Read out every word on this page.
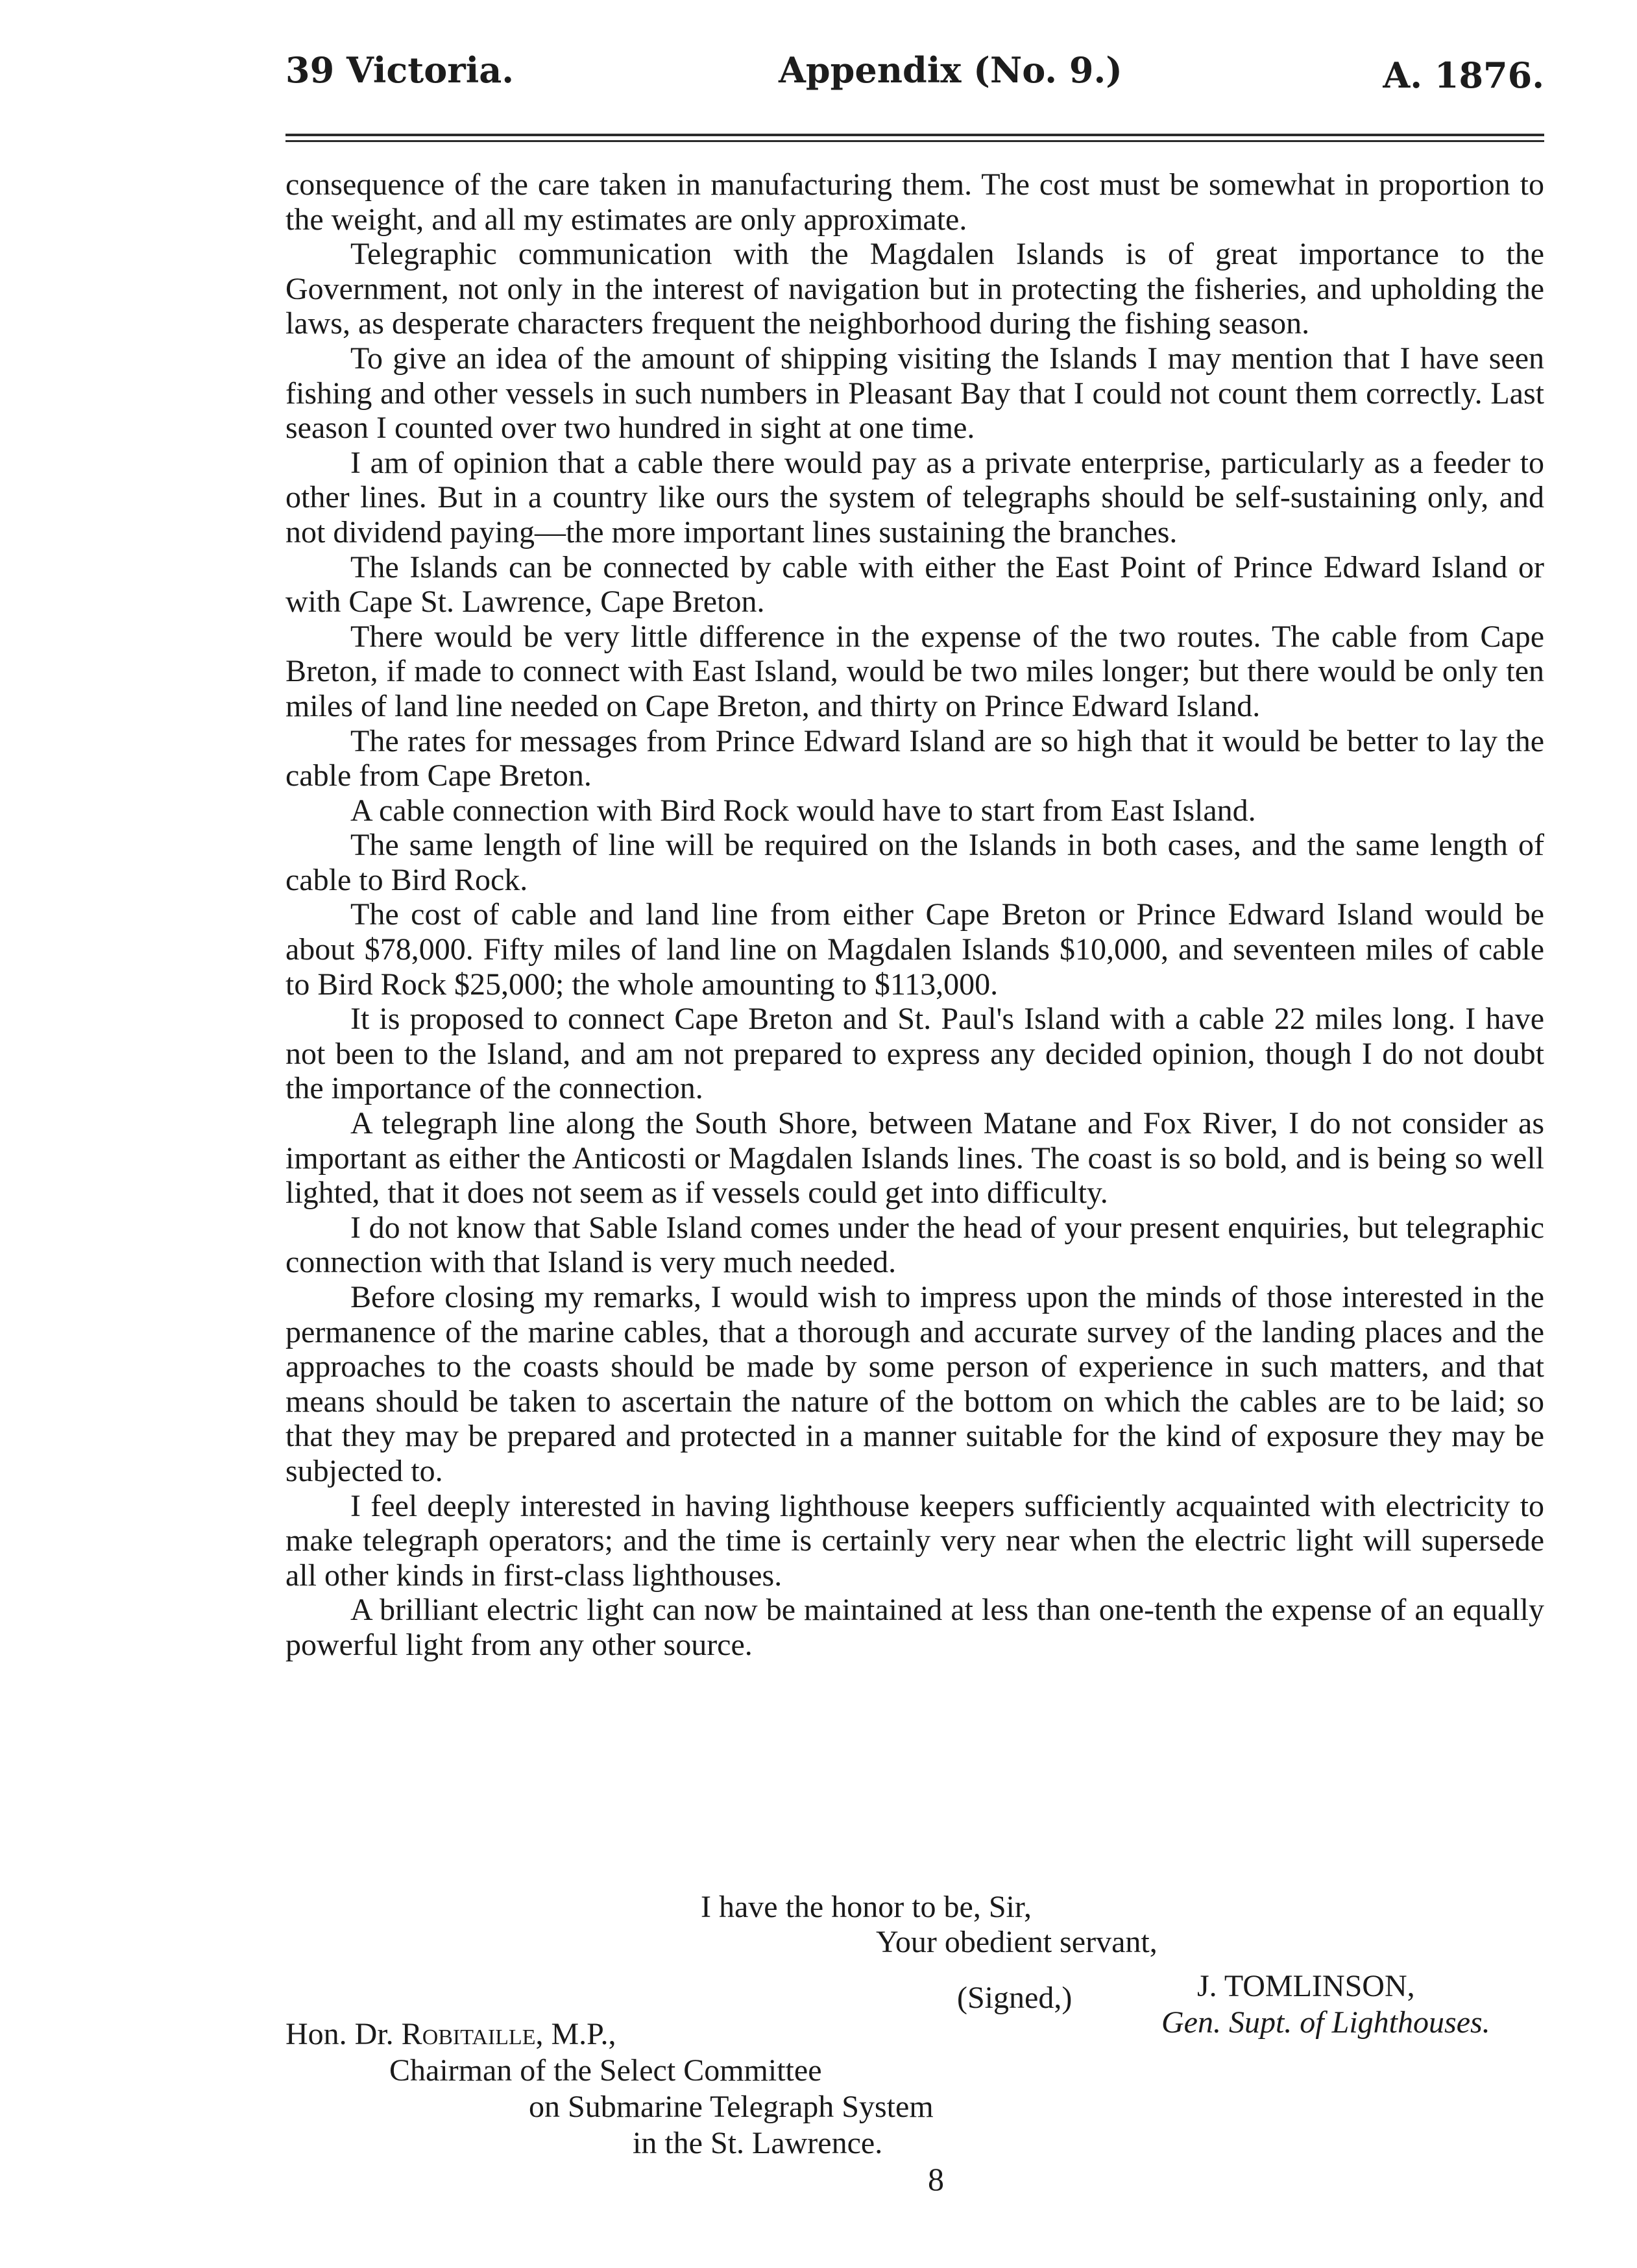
39 Victoria.	Appendix (No. 9.)	A. 1876.

consequence of the care taken in manufacturing them. The cost must be somewhat in proportion to the weight, and all my estimates are only approximate.

Telegraphic communication with the Magdalen Islands is of great importance to the Government, not only in the interest of navigation but in protecting the fisheries, and upholding the laws, as desperate characters frequent the neighborhood during the fishing season.

To give an idea of the amount of shipping visiting the Islands I may mention that I have seen fishing and other vessels in such numbers in Pleasant Bay that I could not count them correctly. Last season I counted over two hundred in sight at one time.

I am of opinion that a cable there would pay as a private enterprise, particularly as a feeder to other lines. But in a country like ours the system of telegraphs should be self-sustaining only, and not dividend paying—the more important lines sustaining the branches.

The Islands can be connected by cable with either the East Point of Prince Edward Island or with Cape St. Lawrence, Cape Breton.

There would be very little difference in the expense of the two routes. The cable from Cape Breton, if made to connect with East Island, would be two miles longer; but there would be only ten miles of land line needed on Cape Breton, and thirty on Prince Edward Island.

The rates for messages from Prince Edward Island are so high that it would be better to lay the cable from Cape Breton.

A cable connection with Bird Rock would have to start from East Island.

The same length of line will be required on the Islands in both cases, and the same length of cable to Bird Rock.

The cost of cable and land line from either Cape Breton or Prince Edward Island would be about $78,000. Fifty miles of land line on Magdalen Islands $10,000, and seventeen miles of cable to Bird Rock $25,000; the whole amounting to $113,000.

It is proposed to connect Cape Breton and St. Paul's Island with a cable 22 miles long. I have not been to the Island, and am not prepared to express any decided opinion, though I do not doubt the importance of the connection.

A telegraph line along the South Shore, between Matane and Fox River, I do not consider as important as either the Anticosti or Magdalen Islands lines. The coast is so bold, and is being so well lighted, that it does not seem as if vessels could get into difficulty.

I do not know that Sable Island comes under the head of your present enquiries, but telegraphic connection with that Island is very much needed.

Before closing my remarks, I would wish to impress upon the minds of those interested in the permanence of the marine cables, that a thorough and accurate survey of the landing places and the approaches to the coasts should be made by some person of experience in such matters, and that means should be taken to ascertain the nature of the bottom on which the cables are to be laid; so that they may be prepared and protected in a manner suitable for the kind of exposure they may be subjected to.

I feel deeply interested in having lighthouse keepers sufficiently acquainted with electricity to make telegraph operators; and the time is certainly very near when the electric light will supersede all other kinds in first-class lighthouses.

A brilliant electric light can now be maintained at less than one-tenth the expense of an equally powerful light from any other source.

I have the honor to be, Sir,
Your obedient servant,
(Signed,)	J. TOMLINSON,
Gen. Supt. of Lighthouses.
Hon. Dr. Robitaille, M.P.,
Chairman of the Select Committee
on Submarine Telegraph System
in the St. Lawrence.
8
